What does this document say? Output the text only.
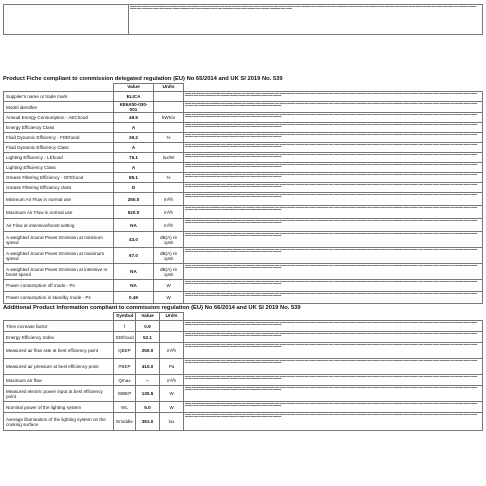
	▬▬▬ ▬▬ ▬▬▬▬ ▬▬ ▬▬▬▬▬ ▬▬ ▬▬▬ ▬▬▬▬ ▬▬ ▬▬▬▬ ▬▬▬ ▬▬▬▬▬▬ ▬▬ ▬▬▬ ▬▬▬▬ ▬▬▬▬ ▬▬ ▬▬▬ ▬▬▬▬▬▬ ▬▬ ▬▬▬ ▬▬▬▬ ▬▬▬ ▬▬▬▬▬ ▬▬ ▬▬▬▬ ▬▬ ▬▬▬ ▬▬▬▬▬ ▬▬▬ ▬▬▬▬ ▬▬ ▬▬▬▬ ▬▬▬ ▬▬▬▬▬ ▬▬ ▬▬▬▬ ▬▬▬ ▬▬▬ ▬▬▬▬ ▬▬ ▬▬▬ ▬▬▬▬▬ ▬▬ ▬▬▬▬ ▬▬▬▬ ▬▬▬ ▬▬ ▬▬▬▬▬ ▬▬▬ ▬▬ ▬▬▬▬ ▬▬▬ ▬▬▬▬▬ ▬▬ ▬▬▬ ▬▬▬▬ ▬▬▬ ▬▬ ▬▬▬▬▬ ▬▬▬ ▬▬▬ ▬▬▬▬ ▬▬ ▬▬▬▬ ▬▬▬▬▬ ▬▬ ▬▬▬
Product Fiche compliant to commission delegated regulation (EU) No 65/2014 and UK SI 2019 No. 539
	Value	Units	
Supplier's name or trade mark	ELICA		▬▬▬ ▬▬ ▬▬▬▬ ▬▬ ▬▬▬▬▬ ▬▬ ▬▬▬ ▬▬▬▬ ▬▬ ▬▬▬▬ ▬▬▬ ▬▬▬▬▬▬ ▬▬ ▬▬▬ ▬▬▬▬ ▬▬▬▬ ▬▬ ▬▬▬ ▬▬▬▬▬▬ ▬▬ ▬▬▬ ▬▬▬▬ ▬▬▬ ▬▬▬▬▬ ▬▬ ▬▬▬▬ ▬▬ ▬▬▬ ▬▬▬▬▬ ▬▬▬ ▬▬▬▬ ▬▬ ▬▬▬▬ ▬▬▬ ▬▬▬▬▬ ▬▬ ▬▬▬▬ ▬▬▬ ▬▬▬ ▬▬▬▬ ▬▬ ▬▬▬ ▬▬▬▬▬ ▬▬ ▬▬▬▬ ▬▬▬▬ ▬▬▬ ▬▬ ▬▬▬▬▬ ▬▬▬ ▬▬ ▬▬▬▬
Model identifier	KE6X00-030-001		▬▬▬ ▬▬ ▬▬▬▬ ▬▬ ▬▬▬▬▬ ▬▬ ▬▬▬ ▬▬▬▬ ▬▬ ▬▬▬▬ ▬▬▬ ▬▬▬▬▬▬ ▬▬ ▬▬▬ ▬▬▬▬ ▬▬▬▬ ▬▬ ▬▬▬ ▬▬▬▬▬▬ ▬▬ ▬▬▬ ▬▬▬▬ ▬▬▬ ▬▬▬▬▬ ▬▬ ▬▬▬▬ ▬▬ ▬▬▬ ▬▬▬▬▬ ▬▬▬ ▬▬▬▬ ▬▬ ▬▬▬▬ ▬▬▬ ▬▬▬▬▬ ▬▬ ▬▬▬▬ ▬▬▬ ▬▬▬ ▬▬▬▬ ▬▬ ▬▬▬ ▬▬▬▬▬ ▬▬ ▬▬▬▬ ▬▬▬▬ ▬▬▬ ▬▬ ▬▬▬▬▬ ▬▬▬ ▬▬ ▬▬▬▬
Annual Energy Consumption - AEChood	49.5	kWh/a	▬▬▬ ▬▬ ▬▬▬▬ ▬▬ ▬▬▬▬▬ ▬▬ ▬▬▬ ▬▬▬▬ ▬▬ ▬▬▬▬ ▬▬▬ ▬▬▬▬▬▬ ▬▬ ▬▬▬ ▬▬▬▬ ▬▬▬▬ ▬▬ ▬▬▬ ▬▬▬▬▬▬ ▬▬ ▬▬▬ ▬▬▬▬ ▬▬▬ ▬▬▬▬▬ ▬▬ ▬▬▬▬ ▬▬ ▬▬▬ ▬▬▬▬▬ ▬▬▬ ▬▬▬▬ ▬▬ ▬▬▬▬ ▬▬▬ ▬▬▬▬▬ ▬▬ ▬▬▬▬ ▬▬▬ ▬▬▬ ▬▬▬▬ ▬▬ ▬▬▬ ▬▬▬▬▬ ▬▬ ▬▬▬▬ ▬▬▬▬ ▬▬▬ ▬▬ ▬▬▬▬▬ ▬▬▬ ▬▬ ▬▬▬▬
Energy Efficiency Class	A		▬▬▬ ▬▬ ▬▬▬▬ ▬▬ ▬▬▬▬▬ ▬▬ ▬▬▬ ▬▬▬▬ ▬▬ ▬▬▬▬ ▬▬▬ ▬▬▬▬▬▬ ▬▬ ▬▬▬ ▬▬▬▬ ▬▬▬▬ ▬▬ ▬▬▬ ▬▬▬▬▬▬ ▬▬ ▬▬▬ ▬▬▬▬ ▬▬▬ ▬▬▬▬▬ ▬▬ ▬▬▬▬ ▬▬ ▬▬▬ ▬▬▬▬▬ ▬▬▬ ▬▬▬▬ ▬▬ ▬▬▬▬ ▬▬▬ ▬▬▬▬▬ ▬▬ ▬▬▬▬ ▬▬▬ ▬▬▬ ▬▬▬▬ ▬▬ ▬▬▬ ▬▬▬▬▬ ▬▬ ▬▬▬▬ ▬▬▬▬ ▬▬▬ ▬▬ ▬▬▬▬▬ ▬▬▬ ▬▬ ▬▬▬▬
Fluid Dynamic Efficiency - FDEhood	29.2	%	▬▬▬ ▬▬ ▬▬▬▬ ▬▬ ▬▬▬▬▬ ▬▬ ▬▬▬ ▬▬▬▬ ▬▬ ▬▬▬▬ ▬▬▬ ▬▬▬▬▬▬ ▬▬ ▬▬▬ ▬▬▬▬ ▬▬▬▬ ▬▬ ▬▬▬ ▬▬▬▬▬▬ ▬▬ ▬▬▬ ▬▬▬▬ ▬▬▬ ▬▬▬▬▬ ▬▬ ▬▬▬▬ ▬▬ ▬▬▬ ▬▬▬▬▬ ▬▬▬ ▬▬▬▬ ▬▬ ▬▬▬▬ ▬▬▬ ▬▬▬▬▬ ▬▬ ▬▬▬▬ ▬▬▬ ▬▬▬ ▬▬▬▬ ▬▬ ▬▬▬ ▬▬▬▬▬ ▬▬ ▬▬▬▬ ▬▬▬▬ ▬▬▬ ▬▬ ▬▬▬▬▬ ▬▬▬ ▬▬ ▬▬▬▬
Fluid Dynamic Efficiency Class	A		▬▬▬ ▬▬ ▬▬▬▬ ▬▬ ▬▬▬▬▬ ▬▬ ▬▬▬ ▬▬▬▬ ▬▬ ▬▬▬▬ ▬▬▬ ▬▬▬▬▬▬ ▬▬ ▬▬▬ ▬▬▬▬ ▬▬▬▬ ▬▬ ▬▬▬ ▬▬▬▬▬▬ ▬▬ ▬▬▬ ▬▬▬▬ ▬▬▬ ▬▬▬▬▬ ▬▬ ▬▬▬▬ ▬▬ ▬▬▬ ▬▬▬▬▬ ▬▬▬ ▬▬▬▬ ▬▬ ▬▬▬▬ ▬▬▬ ▬▬▬▬▬ ▬▬ ▬▬▬▬ ▬▬▬ ▬▬▬ ▬▬▬▬ ▬▬ ▬▬▬ ▬▬▬▬▬ ▬▬ ▬▬▬▬ ▬▬▬▬ ▬▬▬ ▬▬ ▬▬▬▬▬ ▬▬▬ ▬▬ ▬▬▬▬
Lighting Efficiency - LEhood	76.1	lux/W	▬▬▬ ▬▬ ▬▬▬▬ ▬▬ ▬▬▬▬▬ ▬▬ ▬▬▬ ▬▬▬▬ ▬▬ ▬▬▬▬ ▬▬▬ ▬▬▬▬▬▬ ▬▬ ▬▬▬ ▬▬▬▬ ▬▬▬▬ ▬▬ ▬▬▬ ▬▬▬▬▬▬ ▬▬ ▬▬▬ ▬▬▬▬ ▬▬▬ ▬▬▬▬▬ ▬▬ ▬▬▬▬ ▬▬ ▬▬▬ ▬▬▬▬▬ ▬▬▬ ▬▬▬▬ ▬▬ ▬▬▬▬ ▬▬▬ ▬▬▬▬▬ ▬▬ ▬▬▬▬ ▬▬▬ ▬▬▬ ▬▬▬▬ ▬▬ ▬▬▬ ▬▬▬▬▬ ▬▬ ▬▬▬▬ ▬▬▬▬ ▬▬▬ ▬▬ ▬▬▬▬▬ ▬▬▬ ▬▬ ▬▬▬▬
Lighting Efficiency Class	A		▬▬▬ ▬▬ ▬▬▬▬ ▬▬ ▬▬▬▬▬ ▬▬ ▬▬▬ ▬▬▬▬ ▬▬ ▬▬▬▬ ▬▬▬ ▬▬▬▬▬▬ ▬▬ ▬▬▬ ▬▬▬▬ ▬▬▬▬ ▬▬ ▬▬▬ ▬▬▬▬▬▬ ▬▬ ▬▬▬ ▬▬▬▬ ▬▬▬ ▬▬▬▬▬ ▬▬ ▬▬▬▬ ▬▬ ▬▬▬ ▬▬▬▬▬ ▬▬▬ ▬▬▬▬ ▬▬ ▬▬▬▬ ▬▬▬ ▬▬▬▬▬ ▬▬ ▬▬▬▬ ▬▬▬ ▬▬▬ ▬▬▬▬ ▬▬ ▬▬▬ ▬▬▬▬▬ ▬▬ ▬▬▬▬ ▬▬▬▬ ▬▬▬ ▬▬ ▬▬▬▬▬ ▬▬▬ ▬▬ ▬▬▬▬
Grease Filtering Efficiency - GFEhood	85.1	%	▬▬▬ ▬▬ ▬▬▬▬ ▬▬ ▬▬▬▬▬ ▬▬ ▬▬▬ ▬▬▬▬ ▬▬ ▬▬▬▬ ▬▬▬ ▬▬▬▬▬▬ ▬▬ ▬▬▬ ▬▬▬▬ ▬▬▬▬ ▬▬ ▬▬▬ ▬▬▬▬▬▬ ▬▬ ▬▬▬ ▬▬▬▬ ▬▬▬ ▬▬▬▬▬ ▬▬ ▬▬▬▬ ▬▬ ▬▬▬ ▬▬▬▬▬ ▬▬▬ ▬▬▬▬ ▬▬ ▬▬▬▬ ▬▬▬ ▬▬▬▬▬ ▬▬ ▬▬▬▬ ▬▬▬ ▬▬▬ ▬▬▬▬ ▬▬ ▬▬▬ ▬▬▬▬▬ ▬▬ ▬▬▬▬ ▬▬▬▬ ▬▬▬ ▬▬ ▬▬▬▬▬ ▬▬▬ ▬▬ ▬▬▬▬
Grease Filtering Efficiency class	D		▬▬▬ ▬▬ ▬▬▬▬ ▬▬ ▬▬▬▬▬ ▬▬ ▬▬▬ ▬▬▬▬ ▬▬ ▬▬▬▬ ▬▬▬ ▬▬▬▬▬▬ ▬▬ ▬▬▬ ▬▬▬▬ ▬▬▬▬ ▬▬ ▬▬▬ ▬▬▬▬▬▬ ▬▬ ▬▬▬ ▬▬▬▬ ▬▬▬ ▬▬▬▬▬ ▬▬ ▬▬▬▬ ▬▬ ▬▬▬ ▬▬▬▬▬ ▬▬▬ ▬▬▬▬ ▬▬ ▬▬▬▬ ▬▬▬ ▬▬▬▬▬ ▬▬ ▬▬▬▬ ▬▬▬ ▬▬▬ ▬▬▬▬ ▬▬ ▬▬▬ ▬▬▬▬▬ ▬▬ ▬▬▬▬ ▬▬▬▬ ▬▬▬ ▬▬ ▬▬▬▬▬ ▬▬▬ ▬▬ ▬▬▬▬
Minimum Air Flow in normal use	250.0	m³/h	▬▬▬ ▬▬ ▬▬▬▬ ▬▬ ▬▬▬▬▬ ▬▬ ▬▬▬ ▬▬▬▬ ▬▬ ▬▬▬▬ ▬▬▬ ▬▬▬▬▬▬ ▬▬ ▬▬▬ ▬▬▬▬ ▬▬▬▬ ▬▬ ▬▬▬ ▬▬▬▬▬▬ ▬▬ ▬▬▬ ▬▬▬▬ ▬▬▬ ▬▬▬▬▬ ▬▬ ▬▬▬▬ ▬▬ ▬▬▬ ▬▬▬▬▬ ▬▬▬ ▬▬▬▬ ▬▬ ▬▬▬▬ ▬▬▬ ▬▬▬▬▬ ▬▬ ▬▬▬▬ ▬▬▬ ▬▬▬ ▬▬▬▬ ▬▬ ▬▬▬ ▬▬▬▬▬ ▬▬ ▬▬▬▬ ▬▬▬▬ ▬▬▬ ▬▬ ▬▬▬▬▬ ▬▬▬ ▬▬ ▬▬▬▬
Maximum Air Flow in normal use	520.0	m³/h	▬▬▬ ▬▬ ▬▬▬▬ ▬▬ ▬▬▬▬▬ ▬▬ ▬▬▬ ▬▬▬▬ ▬▬ ▬▬▬▬ ▬▬▬ ▬▬▬▬▬▬ ▬▬ ▬▬▬ ▬▬▬▬ ▬▬▬▬ ▬▬ ▬▬▬ ▬▬▬▬▬▬ ▬▬ ▬▬▬ ▬▬▬▬ ▬▬▬ ▬▬▬▬▬ ▬▬ ▬▬▬▬ ▬▬ ▬▬▬ ▬▬▬▬▬ ▬▬▬ ▬▬▬▬ ▬▬ ▬▬▬▬ ▬▬▬ ▬▬▬▬▬ ▬▬ ▬▬▬▬ ▬▬▬ ▬▬▬ ▬▬▬▬ ▬▬ ▬▬▬ ▬▬▬▬▬ ▬▬ ▬▬▬▬ ▬▬▬▬ ▬▬▬ ▬▬ ▬▬▬▬▬ ▬▬▬ ▬▬ ▬▬▬▬
Air Flow at intensive/boost setting	NA	m³/h	▬▬▬ ▬▬ ▬▬▬▬ ▬▬ ▬▬▬▬▬ ▬▬ ▬▬▬ ▬▬▬▬ ▬▬ ▬▬▬▬ ▬▬▬ ▬▬▬▬▬▬ ▬▬ ▬▬▬ ▬▬▬▬ ▬▬▬▬ ▬▬ ▬▬▬ ▬▬▬▬▬▬ ▬▬ ▬▬▬ ▬▬▬▬ ▬▬▬ ▬▬▬▬▬ ▬▬ ▬▬▬▬ ▬▬ ▬▬▬ ▬▬▬▬▬ ▬▬▬ ▬▬▬▬ ▬▬ ▬▬▬▬ ▬▬▬ ▬▬▬▬▬ ▬▬ ▬▬▬▬ ▬▬▬ ▬▬▬ ▬▬▬▬ ▬▬ ▬▬▬ ▬▬▬▬▬ ▬▬ ▬▬▬▬ ▬▬▬▬ ▬▬▬ ▬▬ ▬▬▬▬▬ ▬▬▬ ▬▬ ▬▬▬▬
A-weighted Sound Power Emission at minimum speed	43.0	dB(A) re 1pW	▬▬▬ ▬▬ ▬▬▬▬ ▬▬ ▬▬▬▬▬ ▬▬ ▬▬▬ ▬▬▬▬ ▬▬ ▬▬▬▬ ▬▬▬ ▬▬▬▬▬▬ ▬▬ ▬▬▬ ▬▬▬▬ ▬▬▬▬ ▬▬ ▬▬▬ ▬▬▬▬▬▬ ▬▬ ▬▬▬ ▬▬▬▬ ▬▬▬ ▬▬▬▬▬ ▬▬ ▬▬▬▬ ▬▬ ▬▬▬ ▬▬▬▬▬ ▬▬▬ ▬▬▬▬ ▬▬ ▬▬▬▬ ▬▬▬ ▬▬▬▬▬ ▬▬ ▬▬▬▬ ▬▬▬ ▬▬▬ ▬▬▬▬ ▬▬ ▬▬▬ ▬▬▬▬▬ ▬▬ ▬▬▬▬ ▬▬▬▬ ▬▬▬ ▬▬ ▬▬▬▬▬ ▬▬▬ ▬▬ ▬▬▬▬
A-weighted Sound Power Emission at maximum speed	67.0	dB(A) re 1pW	▬▬▬ ▬▬ ▬▬▬▬ ▬▬ ▬▬▬▬▬ ▬▬ ▬▬▬ ▬▬▬▬ ▬▬ ▬▬▬▬ ▬▬▬ ▬▬▬▬▬▬ ▬▬ ▬▬▬ ▬▬▬▬ ▬▬▬▬ ▬▬ ▬▬▬ ▬▬▬▬▬▬ ▬▬ ▬▬▬ ▬▬▬▬ ▬▬▬ ▬▬▬▬▬ ▬▬ ▬▬▬▬ ▬▬ ▬▬▬ ▬▬▬▬▬ ▬▬▬ ▬▬▬▬ ▬▬ ▬▬▬▬ ▬▬▬ ▬▬▬▬▬ ▬▬ ▬▬▬▬ ▬▬▬ ▬▬▬ ▬▬▬▬ ▬▬ ▬▬▬ ▬▬▬▬▬ ▬▬ ▬▬▬▬ ▬▬▬▬ ▬▬▬ ▬▬ ▬▬▬▬▬ ▬▬▬ ▬▬ ▬▬▬▬
A-weighted Sound Power Emission at intensive or boost speed	NA	dB(A) re 1pW	▬▬▬ ▬▬ ▬▬▬▬ ▬▬ ▬▬▬▬▬ ▬▬ ▬▬▬ ▬▬▬▬ ▬▬ ▬▬▬▬ ▬▬▬ ▬▬▬▬▬▬ ▬▬ ▬▬▬ ▬▬▬▬ ▬▬▬▬ ▬▬ ▬▬▬ ▬▬▬▬▬▬ ▬▬ ▬▬▬ ▬▬▬▬ ▬▬▬ ▬▬▬▬▬ ▬▬ ▬▬▬▬ ▬▬ ▬▬▬ ▬▬▬▬▬ ▬▬▬ ▬▬▬▬ ▬▬ ▬▬▬▬ ▬▬▬ ▬▬▬▬▬ ▬▬ ▬▬▬▬ ▬▬▬ ▬▬▬ ▬▬▬▬ ▬▬ ▬▬▬ ▬▬▬▬▬ ▬▬ ▬▬▬▬ ▬▬▬▬ ▬▬▬ ▬▬ ▬▬▬▬▬ ▬▬▬ ▬▬ ▬▬▬▬
Power consumption off mode - Po	NA	W	▬▬▬ ▬▬ ▬▬▬▬ ▬▬ ▬▬▬▬▬ ▬▬ ▬▬▬ ▬▬▬▬ ▬▬ ▬▬▬▬ ▬▬▬ ▬▬▬▬▬▬ ▬▬ ▬▬▬ ▬▬▬▬ ▬▬▬▬ ▬▬ ▬▬▬ ▬▬▬▬▬▬ ▬▬ ▬▬▬ ▬▬▬▬ ▬▬▬ ▬▬▬▬▬ ▬▬ ▬▬▬▬ ▬▬ ▬▬▬ ▬▬▬▬▬ ▬▬▬ ▬▬▬▬ ▬▬ ▬▬▬▬ ▬▬▬ ▬▬▬▬▬ ▬▬ ▬▬▬▬ ▬▬▬ ▬▬▬ ▬▬▬▬ ▬▬ ▬▬▬ ▬▬▬▬▬ ▬▬ ▬▬▬▬ ▬▬▬▬ ▬▬▬ ▬▬ ▬▬▬▬▬ ▬▬▬ ▬▬ ▬▬▬▬
Power consumption in standby mode - Ps	0.49	W	▬▬▬ ▬▬ ▬▬▬▬ ▬▬ ▬▬▬▬▬ ▬▬ ▬▬▬ ▬▬▬▬ ▬▬ ▬▬▬▬ ▬▬▬ ▬▬▬▬▬▬ ▬▬ ▬▬▬ ▬▬▬▬ ▬▬▬▬ ▬▬ ▬▬▬ ▬▬▬▬▬▬ ▬▬ ▬▬▬ ▬▬▬▬ ▬▬▬ ▬▬▬▬▬ ▬▬ ▬▬▬▬ ▬▬ ▬▬▬ ▬▬▬▬▬ ▬▬▬ ▬▬▬▬ ▬▬ ▬▬▬▬ ▬▬▬ ▬▬▬▬▬ ▬▬ ▬▬▬▬ ▬▬▬ ▬▬▬ ▬▬▬▬ ▬▬ ▬▬▬ ▬▬▬▬▬ ▬▬ ▬▬▬▬ ▬▬▬▬ ▬▬▬ ▬▬ ▬▬▬▬▬ ▬▬▬ ▬▬ ▬▬▬▬
Additional Product Information compliant to commission regulation (EU) No 66/2014 and UK SI 2019 No. 539
	Symbol	Value	Units	
Time increase factor	f	0.9		▬▬▬ ▬▬ ▬▬▬▬ ▬▬ ▬▬▬▬▬ ▬▬ ▬▬▬ ▬▬▬▬ ▬▬ ▬▬▬▬ ▬▬▬ ▬▬▬▬▬▬ ▬▬ ▬▬▬ ▬▬▬▬ ▬▬▬▬ ▬▬ ▬▬▬ ▬▬▬▬▬▬ ▬▬ ▬▬▬ ▬▬▬▬ ▬▬▬ ▬▬▬▬▬ ▬▬ ▬▬▬▬ ▬▬ ▬▬▬ ▬▬▬▬▬ ▬▬▬ ▬▬▬▬ ▬▬ ▬▬▬▬ ▬▬▬ ▬▬▬▬▬ ▬▬ ▬▬▬▬ ▬▬▬ ▬▬▬ ▬▬▬▬ ▬▬ ▬▬▬ ▬▬▬▬▬ ▬▬ ▬▬▬▬ ▬▬▬▬ ▬▬▬ ▬▬ ▬▬▬▬▬ ▬▬▬ ▬▬ ▬▬▬▬
Energy Efficiency Index	EEIhood	52.1		▬▬▬ ▬▬ ▬▬▬▬ ▬▬ ▬▬▬▬▬ ▬▬ ▬▬▬ ▬▬▬▬ ▬▬ ▬▬▬▬ ▬▬▬ ▬▬▬▬▬▬ ▬▬ ▬▬▬ ▬▬▬▬ ▬▬▬▬ ▬▬ ▬▬▬ ▬▬▬▬▬▬ ▬▬ ▬▬▬ ▬▬▬▬ ▬▬▬ ▬▬▬▬▬ ▬▬ ▬▬▬▬ ▬▬ ▬▬▬ ▬▬▬▬▬ ▬▬▬ ▬▬▬▬ ▬▬ ▬▬▬▬ ▬▬▬ ▬▬▬▬▬ ▬▬ ▬▬▬▬ ▬▬▬ ▬▬▬ ▬▬▬▬ ▬▬ ▬▬▬ ▬▬▬▬▬ ▬▬ ▬▬▬▬ ▬▬▬▬ ▬▬▬ ▬▬ ▬▬▬▬▬ ▬▬▬ ▬▬ ▬▬▬▬
Measured air flow rate at best efficiency point	QBEP	250.0	m³/h	▬▬▬ ▬▬ ▬▬▬▬ ▬▬ ▬▬▬▬▬ ▬▬ ▬▬▬ ▬▬▬▬ ▬▬ ▬▬▬▬ ▬▬▬ ▬▬▬▬▬▬ ▬▬ ▬▬▬ ▬▬▬▬ ▬▬▬▬ ▬▬ ▬▬▬ ▬▬▬▬▬▬ ▬▬ ▬▬▬ ▬▬▬▬ ▬▬▬ ▬▬▬▬▬ ▬▬ ▬▬▬▬ ▬▬ ▬▬▬ ▬▬▬▬▬ ▬▬▬ ▬▬▬▬ ▬▬ ▬▬▬▬ ▬▬▬ ▬▬▬▬▬ ▬▬ ▬▬▬▬ ▬▬▬ ▬▬▬ ▬▬▬▬ ▬▬ ▬▬▬ ▬▬▬▬▬ ▬▬ ▬▬▬▬ ▬▬▬▬ ▬▬▬ ▬▬ ▬▬▬▬▬ ▬▬▬ ▬▬ ▬▬▬▬
Measured air pressure at best efficiency point	PBEP	410.0	Pa	▬▬▬ ▬▬ ▬▬▬▬ ▬▬ ▬▬▬▬▬ ▬▬ ▬▬▬ ▬▬▬▬ ▬▬ ▬▬▬▬ ▬▬▬ ▬▬▬▬▬▬ ▬▬ ▬▬▬ ▬▬▬▬ ▬▬▬▬ ▬▬ ▬▬▬ ▬▬▬▬▬▬ ▬▬ ▬▬▬ ▬▬▬▬ ▬▬▬ ▬▬▬▬▬ ▬▬ ▬▬▬▬ ▬▬ ▬▬▬ ▬▬▬▬▬ ▬▬▬ ▬▬▬▬ ▬▬ ▬▬▬▬ ▬▬▬ ▬▬▬▬▬ ▬▬ ▬▬▬▬ ▬▬▬ ▬▬▬ ▬▬▬▬ ▬▬ ▬▬▬ ▬▬▬▬▬ ▬▬ ▬▬▬▬ ▬▬▬▬ ▬▬▬ ▬▬ ▬▬▬▬▬ ▬▬▬ ▬▬ ▬▬▬▬
Maximum air flow	Qmax	--	m³/h	▬▬▬ ▬▬ ▬▬▬▬ ▬▬ ▬▬▬▬▬ ▬▬ ▬▬▬ ▬▬▬▬ ▬▬ ▬▬▬▬ ▬▬▬ ▬▬▬▬▬▬ ▬▬ ▬▬▬ ▬▬▬▬ ▬▬▬▬ ▬▬ ▬▬▬ ▬▬▬▬▬▬ ▬▬ ▬▬▬ ▬▬▬▬ ▬▬▬ ▬▬▬▬▬ ▬▬ ▬▬▬▬ ▬▬ ▬▬▬ ▬▬▬▬▬ ▬▬▬ ▬▬▬▬ ▬▬ ▬▬▬▬ ▬▬▬ ▬▬▬▬▬ ▬▬ ▬▬▬▬ ▬▬▬ ▬▬▬ ▬▬▬▬ ▬▬ ▬▬▬ ▬▬▬▬▬ ▬▬ ▬▬▬▬ ▬▬▬▬ ▬▬▬ ▬▬ ▬▬▬▬▬ ▬▬▬ ▬▬ ▬▬▬▬
Measured electric power input at best efficiency point	WBEP	130.5	W	▬▬▬ ▬▬ ▬▬▬▬ ▬▬ ▬▬▬▬▬ ▬▬ ▬▬▬ ▬▬▬▬ ▬▬ ▬▬▬▬ ▬▬▬ ▬▬▬▬▬▬ ▬▬ ▬▬▬ ▬▬▬▬ ▬▬▬▬ ▬▬ ▬▬▬ ▬▬▬▬▬▬ ▬▬ ▬▬▬ ▬▬▬▬ ▬▬▬ ▬▬▬▬▬ ▬▬ ▬▬▬▬ ▬▬ ▬▬▬ ▬▬▬▬▬ ▬▬▬ ▬▬▬▬ ▬▬ ▬▬▬▬ ▬▬▬ ▬▬▬▬▬ ▬▬ ▬▬▬▬ ▬▬▬ ▬▬▬ ▬▬▬▬ ▬▬ ▬▬▬ ▬▬▬▬▬ ▬▬ ▬▬▬▬ ▬▬▬▬ ▬▬▬ ▬▬ ▬▬▬▬▬ ▬▬▬ ▬▬ ▬▬▬▬
Nominal power of the lighting system	WL	5.0	W	▬▬▬ ▬▬ ▬▬▬▬ ▬▬ ▬▬▬▬▬ ▬▬ ▬▬▬ ▬▬▬▬ ▬▬ ▬▬▬▬ ▬▬▬ ▬▬▬▬▬▬ ▬▬ ▬▬▬ ▬▬▬▬ ▬▬▬▬ ▬▬ ▬▬▬ ▬▬▬▬▬▬ ▬▬ ▬▬▬ ▬▬▬▬ ▬▬▬ ▬▬▬▬▬ ▬▬ ▬▬▬▬ ▬▬ ▬▬▬ ▬▬▬▬▬ ▬▬▬ ▬▬▬▬ ▬▬ ▬▬▬▬ ▬▬▬ ▬▬▬▬▬ ▬▬ ▬▬▬▬ ▬▬▬ ▬▬▬ ▬▬▬▬ ▬▬ ▬▬▬ ▬▬▬▬▬ ▬▬ ▬▬▬▬ ▬▬▬▬ ▬▬▬ ▬▬ ▬▬▬▬▬ ▬▬▬ ▬▬ ▬▬▬▬
Average illumination of the lighting system on the cooking surface	Emiddle	381.0	lux	▬▬▬ ▬▬ ▬▬▬▬ ▬▬ ▬▬▬▬▬ ▬▬ ▬▬▬ ▬▬▬▬ ▬▬ ▬▬▬▬ ▬▬▬ ▬▬▬▬▬▬ ▬▬ ▬▬▬ ▬▬▬▬ ▬▬▬▬ ▬▬ ▬▬▬ ▬▬▬▬▬▬ ▬▬ ▬▬▬ ▬▬▬▬ ▬▬▬ ▬▬▬▬▬ ▬▬ ▬▬▬▬ ▬▬ ▬▬▬ ▬▬▬▬▬ ▬▬▬ ▬▬▬▬ ▬▬ ▬▬▬▬ ▬▬▬ ▬▬▬▬▬ ▬▬ ▬▬▬▬ ▬▬▬ ▬▬▬ ▬▬▬▬ ▬▬ ▬▬▬ ▬▬▬▬▬ ▬▬ ▬▬▬▬ ▬▬▬▬ ▬▬▬ ▬▬ ▬▬▬▬▬ ▬▬▬ ▬▬ ▬▬▬▬
